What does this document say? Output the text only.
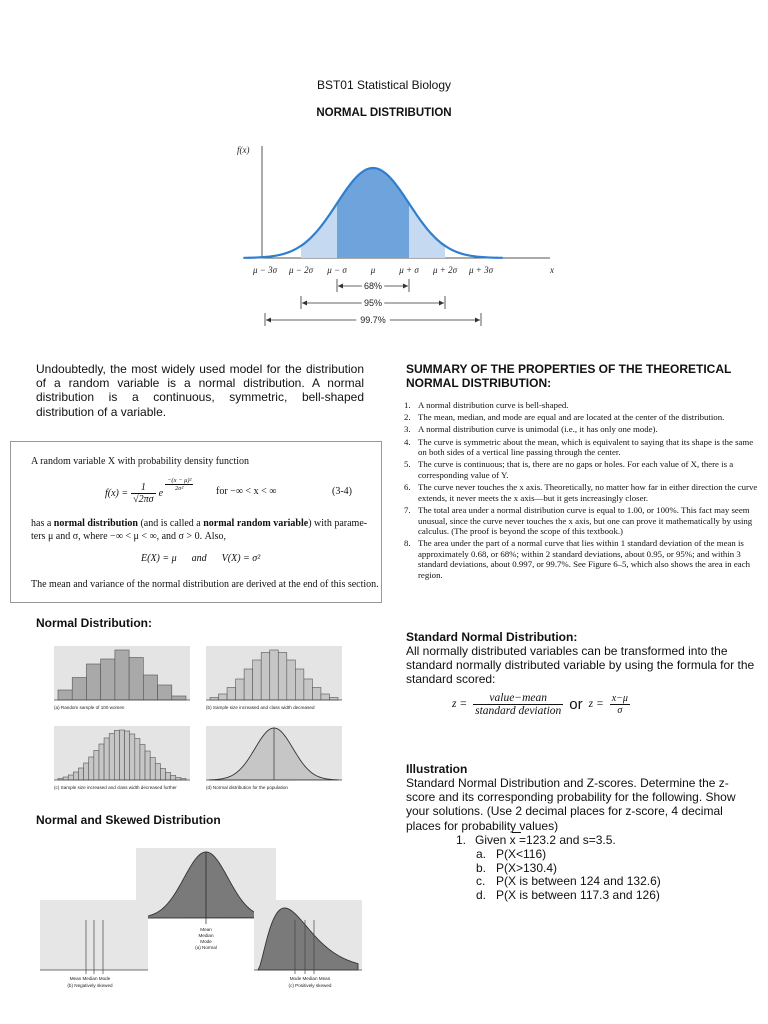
BST01 Statistical Biology
NORMAL DISTRIBUTION
f(x)
μ − 3σ μ − 2σ μ − σ	μ	μ + σ μ + 2σ μ + 3σ	x
68%
95%
99.7%
Undoubtedly, the most widely used model for the distribution of a random variable is a normal distribution. A normal distribution is a continuous, symmetric, bell-shaped distribution of a variable.
A random variable X with probability density function
$f(x) = \frac{1}{√2\pi\sigma}$ e
$\frac{\text{−(x − μ)²}}{\text{2σ²}}$ for −∞ < x < ∞	(3-4)
has a normal distribution (and is called a normal random variable) with parame-
ters μ and σ, where −∞ < μ < ∞, and σ > 0. Also,
E(X) = μ      and      V(X) = σ²
The mean and variance of the normal distribution are derived at the end of this section.
SUMMARY OF THE PROPERTIES OF THE THEORETICAL NORMAL DISTRIBUTION:
1. A normal distribution curve is bell-shaped.
2. The mean, median, and mode are equal and are located at the center of the distribution.
3. A normal distribution curve is unimodal (i.e., it has only one mode).
4. The curve is symmetric about the mean, which is equivalent to saying that its shape is the same on both sides of a vertical line passing through the center.
5. The curve is continuous; that is, there are no gaps or holes. For each value of X, there is a corresponding value of Y.
6. The curve never touches the x axis. Theoretically, no matter how far in either direction the curve extends, it never meets the x axis—but it gets increasingly closer.
7. The total area under a normal distribution curve is equal to 1.00, or 100%. This fact may seem unusual, since the curve never touches the x axis, but one can prove it mathematically by using calculus. (The proof is beyond the scope of this textbook.)
8. The area under the part of a normal curve that lies within 1 standard deviation of the mean is approximately 0.68, or 68%; within 2 standard deviations, about 0.95, or 95%; and within 3 standard deviations, about 0.997, or 99.7%. See Figure 6–5, which also shows the area in each region.
Normal Distribution:
(a) Random sample of 100 women	(b) Sample size increased and class width decreased
(c) Sample size increased and class width decreased further	(d) Normal distribution for the population
Normal and Skewed Distribution
Mean
Median
Mode
(a) Normal
Mean Median Mode
(b) Negatively skewed
Mode Median Mean
(c) Positively skewed
Standard Normal Distribution:
All normally distributed variables can be transformed into the standard normally distributed variable by using the formula for the standard scored:
$z = \frac{\text{value−mean}}{\text{standard deviation}}$ or $z = \frac{x-\mu}{\sigma}$
Illustration
Standard Normal Distribution and Z-scores. Determine the z-score and its corresponding probability for the following. Show your solutions. (Use 2 decimal places for z-score, 4 decimal places for probability values)
1. Given x =123.2 and s=3.5.
a. P(X<116)
b. P(X>130.4)
c. P(X is between 124 and 132.6)
d. P(X is between 117.3 and 126)
